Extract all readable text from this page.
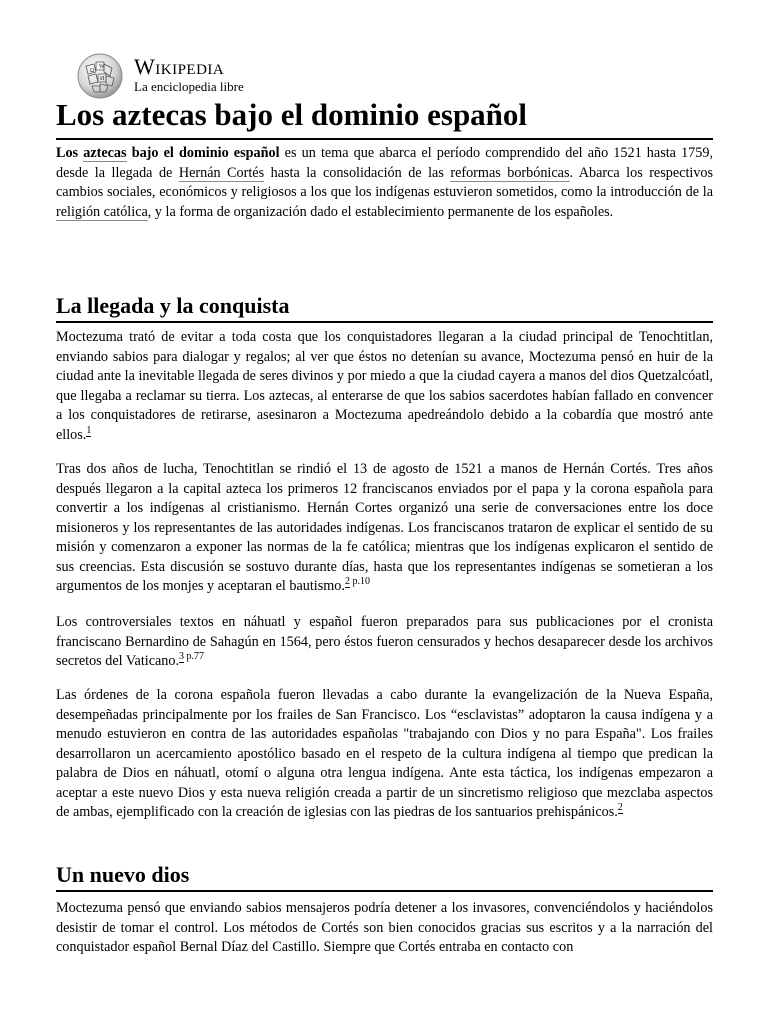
Ω
W
И Wikipedia
La enciclopedia libre
Los aztecas bajo el dominio español

Los aztecas bajo el dominio español es un tema que abarca el período comprendido del año 1521 hasta 1759, desde la llegada de Hernán Cortés hasta la consolidación de las reformas borbónicas. Abarca los respectivos cambios sociales, económicos y religiosos a los que los indígenas estuvieron sometidos, como la introducción de la religión católica, y la forma de organización dado el establecimiento permanente de los españoles.

La llegada y la conquista

Moctezuma trató de evitar a toda costa que los conquistadores llegaran a la ciudad principal de Tenochtitlan, enviando sabios para dialogar y regalos; al ver que éstos no detenían su avance, Moctezuma pensó en huir de la ciudad ante la inevitable llegada de seres divinos y por miedo a que la ciudad cayera a manos del dios Quetzalcóatl, que llegaba a reclamar su tierra. Los aztecas, al enterarse de que los sabios sacerdotes habían fallado en convencer a los conquistadores de retirarse, asesinaron a Moctezuma apedreándolo debido a la cobardía que mostró ante ellos.$^1$

Tras dos años de lucha, Tenochtitlan se rindió el 13 de agosto de 1521 a manos de Hernán Cortés. Tres años después llegaron a la capital azteca los primeros 12 franciscanos enviados por el papa y la corona española para convertir a los indígenas al cristianismo. Hernán Cortes organizó una serie de conversaciones entre los doce misioneros y los representantes de las autoridades indígenas. Los franciscanos trataron de explicar el sentido de su misión y comenzaron a exponer las normas de la fe católica; mientras que los indígenas explicaron el sentido de sus creencias. Esta discusión se sostuvo durante días, hasta que los representantes indígenas se sometieran a los argumentos de los monjes y aceptaran el bautismo.$^{2 p.10}$

Los controversiales textos en náhuatl y español fueron preparados para sus publicaciones por el cronista franciscano Bernardino de Sahagún en 1564, pero éstos fueron censurados y hechos desaparecer desde los archivos secretos del Vaticano.$^{3 p.77}$

Las órdenes de la corona española fueron llevadas a cabo durante la evangelización de la Nueva España, desempeñadas principalmente por los frailes de San Francisco. Los “esclavistas” adoptaron la causa indígena y a menudo estuvieron en contra de las autoridades españolas "trabajando con Dios y no para España". Los frailes desarrollaron un acercamiento apostólico basado en el respeto de la cultura indígena al tiempo que predican la palabra de Dios en náhuatl, otomí o alguna otra lengua indígena. Ante esta táctica, los indígenas empezaron a aceptar a este nuevo Dios y esta nueva religión creada a partir de un sincretismo religioso que mezclaba aspectos de ambas, ejemplificado con la creación de iglesias con las piedras de los santuarios prehispánicos.$^2$

Un nuevo dios

Moctezuma pensó que enviando sabios mensajeros podría detener a los invasores, convenciéndolos y haciéndolos desistir de tomar el control. Los métodos de Cortés son bien conocidos gracias sus escritos y a la narración del conquistador español Bernal Díaz del Castillo. Siempre que Cortés entraba en contacto con
